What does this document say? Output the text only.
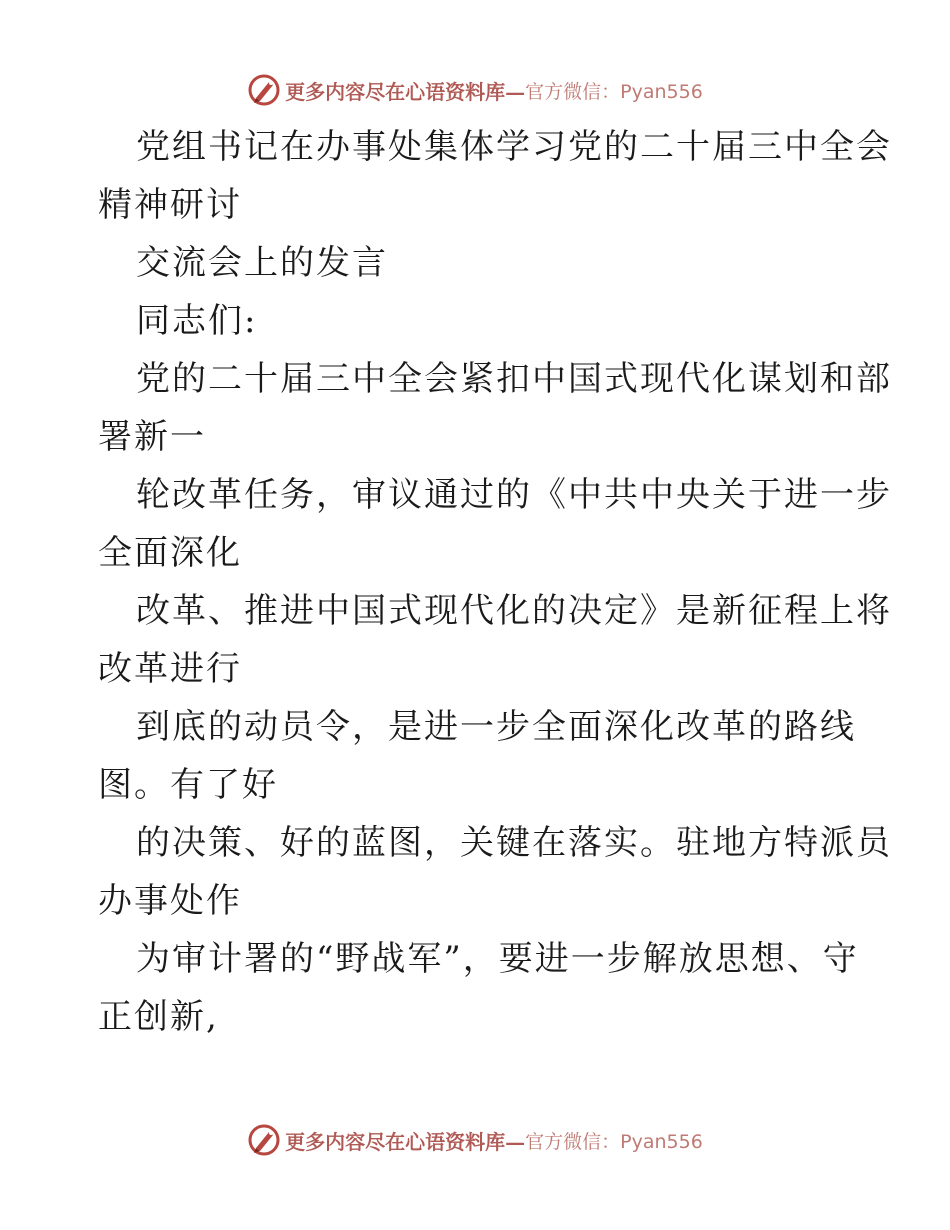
更多内容尽在心语资料库— 官方微信：Pyan556
党组书记在办事处集体学习党的二十届三中全会
精神研讨
交流会上的发言
同志们:
党的二十届三中全会紧扣中国式现代化谋划和部
署新一
轮改革任务，审议通过的《中共中央关于进一步
全面深化
改革、推进中国式现代化的决定》是新征程上将
改革进行
到底的动员令，是进一步全面深化改革的路线
图。有了好
的决策、好的蓝图，关键在落实。驻地方特派员
办事处作
为审计署的“野战军”，要进一步解放思想、守
正创新,
更多内容尽在心语资料库— 官方微信：Pyan556
